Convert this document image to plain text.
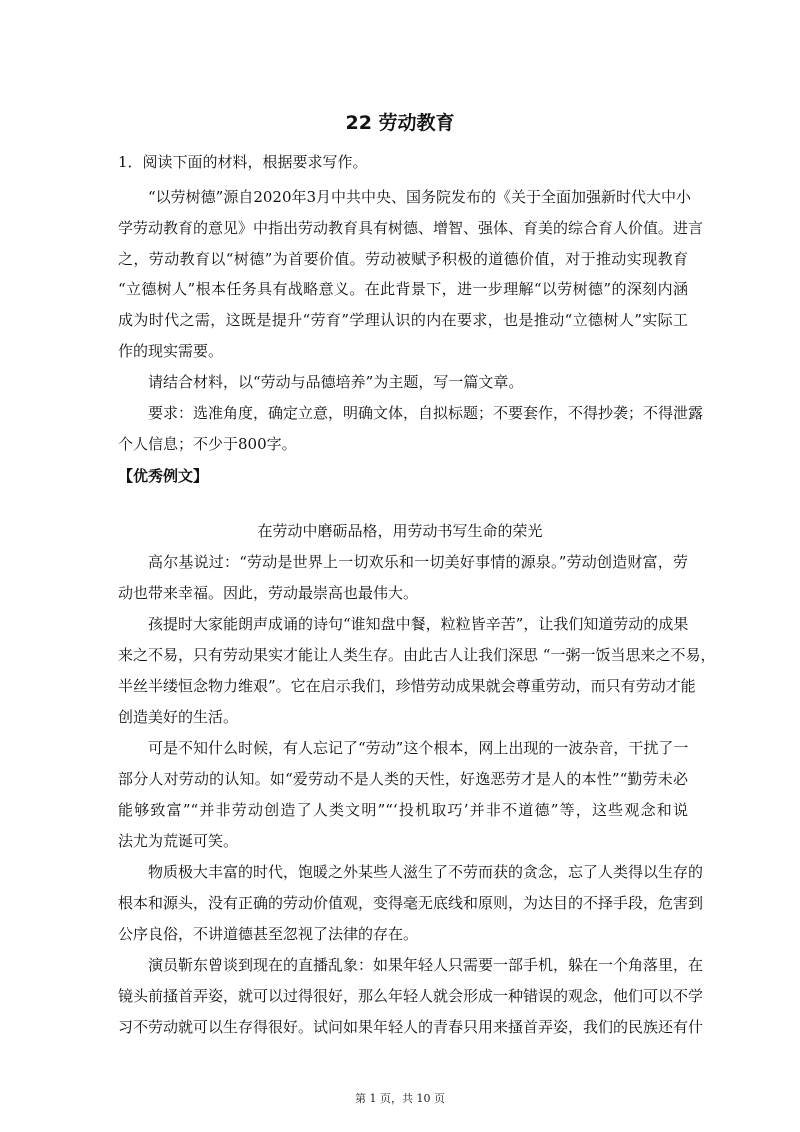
22 劳动教育
1．阅读下面的材料，根据要求写作。
“以劳树德”源自2020年3月中共中央、国务院发布的《关于全面加强新时代大中小
学劳动教育的意见》中指出劳动教育具有树德、增智、强体、育美的综合育人价值。进言
之，劳动教育以“树德”为首要价值。劳动被赋予积极的道德价值，对于推动实现教育
“立德树人”根本任务具有战略意义。在此背景下，进一步理解“以劳树德”的深刻内涵
成为时代之需，这既是提升“劳育”学理认识的内在要求，也是推动“立德树人”实际工
作的现实需要。
请结合材料，以“劳动与品德培养”为主题，写一篇文章。
要求：选准角度，确定立意，明确文体，自拟标题；不要套作，不得抄袭；不得泄露
个人信息；不少于800字。
【优秀例文】
在劳动中磨砺品格，用劳动书写生命的荣光
高尔基说过：“劳动是世界上一切欢乐和一切美好事情的源泉。”劳动创造财富，劳
动也带来幸福。因此，劳动最崇高也最伟大。
孩提时大家能朗声成诵的诗句“谁知盘中餐，粒粒皆辛苦”，让我们知道劳动的成果
来之不易，只有劳动果实才能让人类生存。由此古人让我们深思 “一粥一饭当思来之不易，
半丝半缕恒念物力维艰”。它在启示我们，珍惜劳动成果就会尊重劳动，而只有劳动才能
创造美好的生活。
可是不知什么时候，有人忘记了“劳动”这个根本，网上出现的一波杂音，干扰了一
部分人对劳动的认知。如“爱劳动不是人类的天性，好逸恶劳才是人的本性”“勤劳未必
能够致富”“并非劳动创造了人类文明”“‘投机取巧’并非不道德”等，这些观念和说
法尤为荒诞可笑。
物质极大丰富的时代，饱暖之外某些人滋生了不劳而获的贪念，忘了人类得以生存的
根本和源头，没有正确的劳动价值观，变得毫无底线和原则，为达目的不择手段，危害到
公序良俗，不讲道德甚至忽视了法律的存在。
演员靳东曾谈到现在的直播乱象：如果年轻人只需要一部手机，躲在一个角落里，在
镜头前搔首弄姿，就可以过得很好，那么年轻人就会形成一种错误的观念，他们可以不学
习不劳动就可以生存得很好。试问如果年轻人的青春只用来搔首弄姿，我们的民族还有什
第 1 页，共 10 页
